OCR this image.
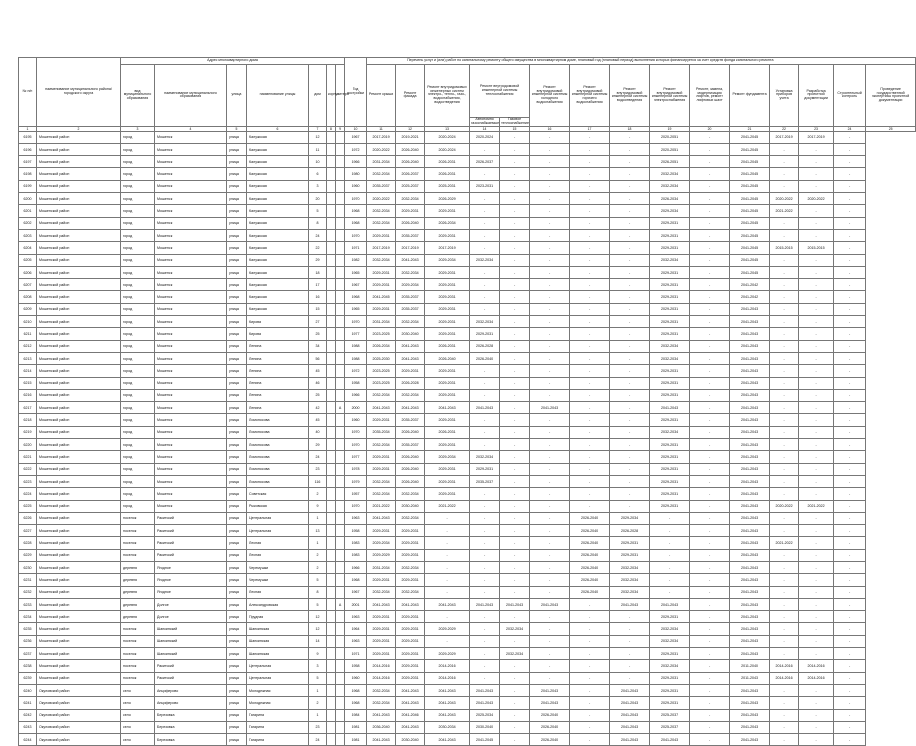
№ п/п	наименование муниципального района/городского округа	Адрес многоквартирного дома							Год постройки	Перечень услуг и (или) работ по капитальному ремонту общего имущества в многоквартирном доме, плановый год (плановый период) выполнения которых финансируется за счет средств фонда капитального ремонта														
		вид муниципального образования	наименование муниципального образования	улица	наименование улицы	дом	корпус	литера		Ремонт крыши	Ремонт фасада	Ремонт внутридомовых инженерных систем электро-, тепло-, газо-, водоснабжения, водоотведения	Ремонт внутридомовой инженерной системы теплоснабжения		Ремонт внутридомовой инженерной системы холодного водоснабжения	Ремонт внутридомовой инженерной системы горячего водоснабжения	Ремонт внутридомовой инженерной системы водоотведения	Ремонт внутридомовой инженерной системы электроснабжения	Ремонт, замена, модернизация лифтов, ремонт лифтовых шахт	Ремонт фундамента	Установка приборов учета	Разработка проектной документации	Строительный контроль	Проведение государственной экспертизы проектной документации
													Автономно газоснабжаемые	Газовое теплоснабжение										
1	2	3	4	5	6	7	8	9	10	11	12	13	14	15	16	17	18	19	20	21	22	23	24	25
6195	Мошенской район	город	Мошенск	улица	Калужская	12			1967	2017-2019	2019-2021	2020-2024	2020-2024	-	-	-	-	2020-2051	-	2041-2045	2017-2019	2017-2019	-	
6196	Мошенской район	город	Мошенск	улица	Калужская	11			1972	2020-2022	2026-2040	2020-2024	-	-	-	-	-	2020-2051	-	2041-2045	-	-	-	
6197	Мошенской район	город	Мошенск	улица	Калужская	10			1966	2031-2034	2026-2040	2026-2031	2026-2037	-	-	-	-	2026-2051	-	2041-2045	-	-	-	
6198	Мошенской район	город	Мошенск	улица	Калужская	6			1980	2032-2034	2026-2037	2026-2031	-	-	-	-	-	2032-2034	-	2041-2045	-	-	-	
6199	Мошенской район	город	Мошенск	улица	Калужская	3			1960	2035-2037	2025-2037	2025-2031	2023-2031	-	-	-	-	2032-2034	-	2041-2045	-	-	-	
6200	Мошенской район	город	Мошенск	улица	Калужская	20			1970	2020-2022	2032-2034	2026-2029	-	-	-	-	-	2026-2034	-	2041-2045	2020-2022	2020-2022	-	
6201	Мошенской район	город	Мошенск	улица	Калужская	5			1968	2032-2034	2029-2031	2029-2031	-	-	-	-	-	2029-2034	-	2041-2045	2021-2022	-	-	
6202	Мошенской район	город	Мошенск	улица	Калужская	8			1968	2032-2034	2026-2040	2026-2034	-	-	-	-	-	2029-2031	-	2041-2045	-	-	-	
6203	Мошенской район	город	Мошенск	улица	Калужская	24			1970	2029-2031	2035-2037	2029-2031	-	-	-	-	-	2029-2031	-	2041-2045	-	-	-	
6204	Мошенской район	город	Мошенск	улица	Калужская	22			1971	2017-2019	2017-2019	2017-2019	-	-	-	-	-	2029-2031	-	2041-2045	2015-2015	2015-2015	-	
6205	Мошенской район	город	Мошенск	улица	Калужская	29			1982	2032-2034	2041-2043	2029-2034	2032-2034	-	-	-	-	2032-2034	-	2041-2045	-	-	-	
6206	Мошенской район	город	Мошенск	улица	Калужская	18			1965	2029-2031	2032-2034	2029-2031	-	-	-	-	-	2029-2031	-	2041-2045	-	-	-	
6207	Мошенской район	город	Мошенск	улица	Калужская	17			1967	2029-2031	2029-2034	2029-2031	-	-	-	-	-	2029-2031	-	2041-2042	-	-	-	
6208	Мошенской район	город	Мошенск	улица	Калужская	16			1968	2041-2045	2035-2037	2029-2031	-	-	-	-	-	2029-2031	-	2041-2042	-	-	-	
6209	Мошенской район	город	Мошенск	улица	Калужская	15			1965	2029-2031	2035-2037	2029-2031	-	-	-	-	-	2029-2031	-	2041-2043	-	-	-	
6210	Мошенской район	город	Мошенск	улица	Кирова	27			1970	2031-2034	2032-2034	2029-2031	2032-2034	-	-	-	-	2029-2031	-	2041-2043	-	-	-	
6211	Мошенской район	город	Мошенск	улица	Кирова	25			1977	2023-2025	2030-2040	2029-2031	2029-2031	-	-	-	-	2029-2031	-	2041-2043	-	-	-	
6212	Мошенской район	город	Мошенск	улица	Ленина	34			1988	2026-2034	2041-2043	2026-2031	2026-2028	-	-	-	-	2032-2034	-	2041-2043	-	-	-	
6213	Мошенской район	город	Мошенск	улица	Ленина	56			1988	2025-2030	2041-2043	2026-2040	2026-2040	-	-	-	-	2032-2034	-	2041-2043	-	-	-	
6214	Мошенской район	город	Мошенск	улица	Ленина	45			1972	2023-2025	2029-2031	2029-2031	-	-	-	-	-	2029-2031	-	2041-2043	-	-	-	
6215	Мошенской район	город	Мошенск	улица	Ленина	46			1958	2023-2025	2026-2028	2029-2031	-	-	-	-	-	2029-2031	-	2041-2043	-	-	-	
6216	Мошенской район	город	Мошенск	улица	Ленина	25			1966	2032-2034	2032-2034	2029-2031	-	-	-	-	-	2029-2031	-	2041-2043	-	-	-	
6217	Мошенской район	город	Мошенск	улица	Ленина	42		А	2000	2041-2043	2041-2043	2041-2043	2041-2043	-	2041-2043	-	-	2041-2043	-	2041-2043	-	-	-	
6218	Мошенской район	город	Мошенск	улица	Ломоносова	45			1960	2029-2031	2035-2037	2029-2031	-	-	-	-	-	2029-2031	-	2041-2043	-	-	-	
6219	Мошенской район	город	Мошенск	улица	Ломоносова	40			1970	2035-2034	2026-2040	2026-2031	-	-	-	-	-	2032-2034	-	2041-2043	-	-	-	
6220	Мошенской район	город	Мошенск	улица	Ломоносова	29			1970	2032-2034	2035-2037	2029-2031	-	-	-	-	-	2029-2031	-	2041-2043	-	-	-	
6221	Мошенской район	город	Мошенск	улица	Ломоносова	24			1977	2029-2031	2026-2040	2029-2034	2032-2034	-	-	-	-	2029-2031	-	2041-2043	-	-	-	
6222	Мошенской район	город	Мошенск	улица	Ломоносова	23			1978	2029-2031	2026-2040	2029-2031	2029-2031	-	-	-	-	2029-2031	-	2041-2043	-	-	-	
6223	Мошенской район	город	Мошенск	улица	Ломоносова	116			1979	2032-2034	2026-2040	2029-2031	2035-2037	-	-	-	-	2029-2031	-	2041-2043	-	-	-	
6224	Мошенской район	город	Мошенск	улица	Советская	2			1957	2032-2034	2032-2034	2029-2031	-	-	-	-	-	2029-2031	-	2041-2043	-	-	-	
6225	Мошенской район	город	Мошенск	улица	Рыковская	9			1970	2021-2022	2030-2040	2021-2022	-	-	-	-	-	2029-2031	-	2041-2043	2020-2022	2021-2022	-	
6226	Мошенской район	поселок	Ракитский	улица	Центральная	1			1963	2041-2043	2032-2034	-	-	-	-	2026-2040	2029-2034	-	-	2041-2043	-	-	-	
6227	Мошенской район	поселок	Ракитский	улица	Центральная	13			1958	2029-2031	2029-2031	-	-	-	-	2026-2040	2026-2028	-	-	2041-2043	-	-	-	
6228	Мошенской район	поселок	Ракитский	улица	Лесная	1			1983	2029-2034	2029-2031	-	-	-	-	2026-2040	2029-2031	-	-	2041-2043	2021-2022	-	-	
6229	Мошенской район	поселок	Ракитский	улица	Лесная	2			1983	2029-2029	2029-2031	-	-	-	-	2026-2040	2029-2031	-	-	2041-2043	-	-	-	
6230	Мошенской район	деревня	Ягодное	улица	Черемушки	2			1966	2031-2034	2032-2034	-	-	-	-	2026-2040	2032-2034	-	-	2041-2043	-	-	-	
6231	Мошенской район	деревня	Ягодное	улица	Черемушки	5			1968	2029-2031	2029-2031	-	-	-	-	2026-2040	2032-2034	-	-	2041-2043	-	-	-	
6232	Мошенской район	деревня	Ягодное	улица	Лесная	8			1967	2032-2034	2032-2034	-	-	-	-	2026-2040	2032-2034	-	-	2041-2043	-	-	-	
6233	Мошенской район	деревня	Долгое	улица	Александровская	5		А	2001	2041-2043	2041-2043	2041-2043	2041-2043	2041-2043	2041-2043	-	2041-2043	2041-2043	-	2041-2043	-	-	-	
6234	Мошенской район	деревня	Долгое	улица	Прудная	12			1963	2029-2031	2029-2031	-	-	-	-	-	-	2029-2031	-	2041-2043	-	-	-	
6235	Мошенской район	поселок	Шапкинский	улица	Шапкинская	12			1964	2029-2031	2029-2031	2029-2029	-	2032-2034	-	-	-	2032-2034	-	2041-2043	-	-	-	
6236	Мошенской район	поселок	Шапкинский	улица	Шапкинская	14			1963	2029-2031	2029-2031	-	-	-	-	-	-	2032-2034	-	2041-2043	-	-	-	
6237	Мошенской район	поселок	Шапкинский	улица	Шапкинская	9			1971	2029-2031	2029-2031	2029-2029	-	2032-2034	-	-	-	2029-2031	-	2041-2043	-	-	-	
6238	Мошенской район	поселок	Ракитский	улица	Центральная	3			1958	2014-2016	2029-2031	2014-2016	-	-	-	-	-	2032-2034	-	2011-2040	2014-2016	2014-2016	-	
6239	Мошенской район	поселок	Ракитский	улица	Центральная	5			1960	2014-2016	2029-2031	2014-2016	-	-	-	-	-	2029-2031	-	2011-2043	2014-2016	2014-2016	-	
6240	Окуловский район	село	Анциферово	улица	Молодежная	1			1968	2032-2034	2041-2043	2041-2043	2041-2043	-	2041-2043	-	2041-2043	2029-2031	-	2041-2043	-	-	-	
6241	Окуловский район	село	Анциферово	улица	Молодежная	2			1968	2032-2034	2041-2043	2041-2043	2041-2043	-	2041-2043	-	2041-2043	2029-2031	-	2041-2043	-	-	-	
6242	Окуловский район	село	Березовка	улица	Гагарина	1			1984	2041-2043	2041-2046	2041-2043	2025-2034	-	2026-2040	-	2041-2043	2025-2037	-	2041-2043	-	-	-	
6243	Окуловский район	село	Березовка	улица	Гагарина	23			1981	2036-2040	2041-2043	2030-2034	2030-2040	-	2026-2040	-	2041-2043	2025-2037	-	2041-2043	-	-	-	
6244	Окуловский район	село	Березовка	улица	Гагарина	24			1981	2041-2043	2030-2040	2041-2043	2041-2045	-	2026-2040	-	2041-2043	2041-2043	-	2041-2043	-	-	-	
